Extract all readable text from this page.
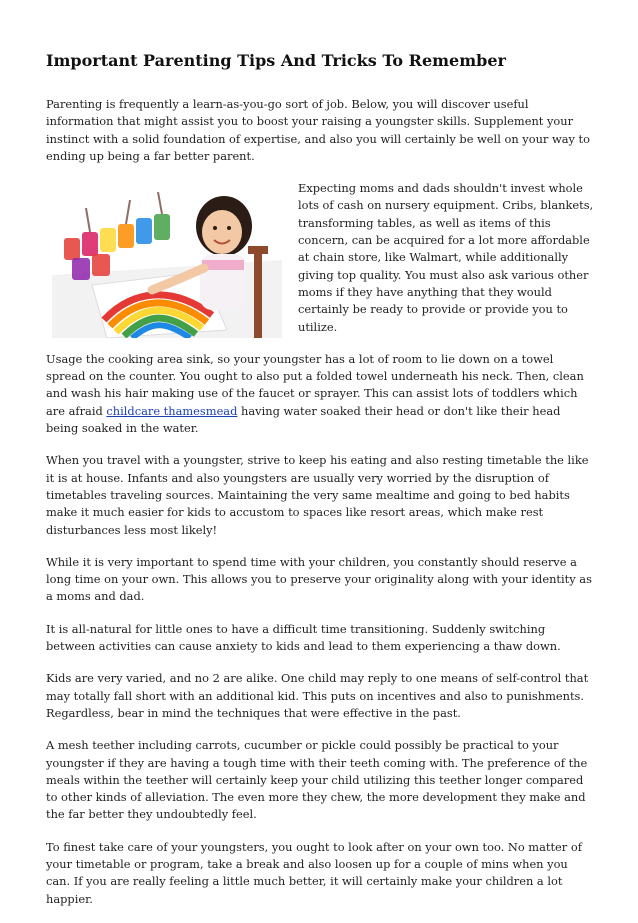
Important Parenting Tips And Tricks To Remember

Parenting is frequently a learn-as-you-go sort of job. Below, you will discover useful information that might assist you to boost your raising a youngster skills. Supplement your instinct with a solid foundation of expertise, and also you will certainly be well on your way to ending up being a far better parent.

Expecting moms and dads shouldn't invest whole lots of cash on nursery equipment. Cribs, blankets, transforming tables, as well as items of this concern, can be acquired for a lot more affordable at chain store, like Walmart, while additionally giving top quality. You must also ask various other moms if they have anything that they would certainly be ready to provide or provide you to utilize.

Usage the cooking area sink, so your youngster has a lot of room to lie down on a towel spread on the counter. You ought to also put a folded towel underneath his neck. Then, clean and wash his hair making use of the faucet or sprayer. This can assist lots of toddlers which are afraid childcare thamesmead having water soaked their head or don't like their head being soaked in the water.

When you travel with a youngster, strive to keep his eating and also resting timetable the like it is at house. Infants and also youngsters are usually very worried by the disruption of timetables traveling sources. Maintaining the very same mealtime and going to bed habits make it much easier for kids to accustom to spaces like resort areas, which make rest disturbances less most likely!

While it is very important to spend time with your children, you constantly should reserve a long time on your own. This allows you to preserve your originality along with your identity as a moms and dad.

It is all-natural for little ones to have a difficult time transitioning. Suddenly switching between activities can cause anxiety to kids and lead to them experiencing a thaw down.

Kids are very varied, and no 2 are alike. One child may reply to one means of self-control that may totally fall short with an additional kid. This puts on incentives and also to punishments. Regardless, bear in mind the techniques that were effective in the past.

A mesh teether including carrots, cucumber or pickle could possibly be practical to your youngster if they are having a tough time with their teeth coming with. The preference of the meals within the teether will certainly keep your child utilizing this teether longer compared to other kinds of alleviation. The even more they chew, the more development they make and the far better they undoubtedly feel.

To finest take care of your youngsters, you ought to look after on your own too. No matter of your timetable or program, take a break and also loosen up for a couple of mins when you can. If you are really feeling a little much better, it will certainly make your children a lot happier.
